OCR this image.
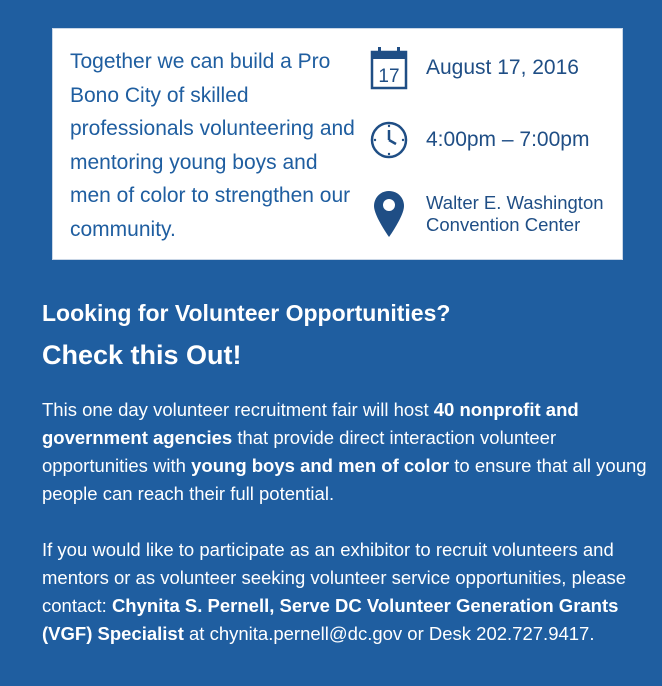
Together we can build a Pro Bono City of skilled professionals volunteering and mentoring young boys and men of color to strengthen our community.
17 August 17, 2016
4:00pm – 7:00pm
Walter E. Washington
Convention Center
Looking for Volunteer Opportunities?
Check this Out!
This one day volunteer recruitment fair will host 40 nonprofit and government agencies that provide direct interaction volunteer opportunities with young boys and men of color to ensure that all young people can reach their full potential.
If you would like to participate as an exhibitor to recruit volunteers and mentors or as volunteer seeking volunteer service opportunities, please contact: Chynita S. Pernell, Serve DC Volunteer Generation Grants (VGF) Specialist at chynita.pernell@dc.gov or Desk 202.727.9417.
